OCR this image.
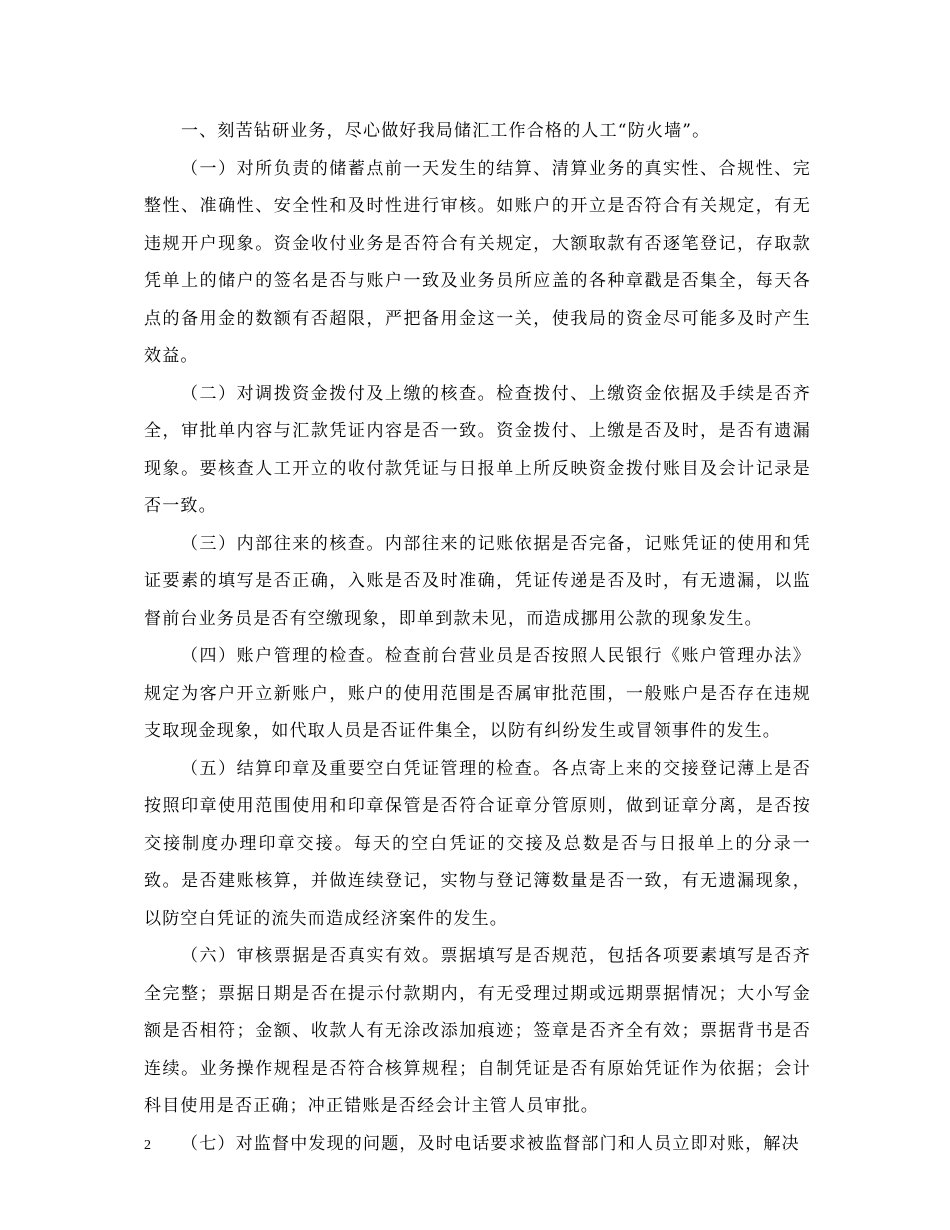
一、刻苦钻研业务，尽心做好我局储汇工作合格的人工“防火墙”。

（一）对所负责的储蓄点前一天发生的结算、清算业务的真实性、合规性、完整性、准确性、安全性和及时性进行审核。如账户的开立是否符合有关规定，有无违规开户现象。资金收付业务是否符合有关规定，大额取款有否逐笔登记，存取款凭单上的储户的签名是否与账户一致及业务员所应盖的各种章戳是否集全，每天各点的备用金的数额有否超限，严把备用金这一关，使我局的资金尽可能多及时产生效益。

（二）对调拨资金拨付及上缴的核查。检查拨付、上缴资金依据及手续是否齐全，审批单内容与汇款凭证内容是否一致。资金拨付、上缴是否及时，是否有遗漏现象。要核查人工开立的收付款凭证与日报单上所反映资金拨付账目及会计记录是否一致。

（三）内部往来的核查。内部往来的记账依据是否完备，记账凭证的使用和凭证要素的填写是否正确，入账是否及时准确，凭证传递是否及时，有无遗漏，以监督前台业务员是否有空缴现象，即单到款未见，而造成挪用公款的现象发生。

（四）账户管理的检查。检查前台营业员是否按照人民银行《账户管理办法》规定为客户开立新账户，账户的使用范围是否属审批范围，一般账户是否存在违规支取现金现象，如代取人员是否证件集全，以防有纠纷发生或冒领事件的发生。

（五）结算印章及重要空白凭证管理的检查。各点寄上来的交接登记薄上是否按照印章使用范围使用和印章保管是否符合证章分管原则，做到证章分离，是否按交接制度办理印章交接。每天的空白凭证的交接及总数是否与日报单上的分录一致。是否建账核算，并做连续登记，实物与登记簿数量是否一致，有无遗漏现象，以防空白凭证的流失而造成经济案件的发生。

（六）审核票据是否真实有效。票据填写是否规范，包括各项要素填写是否齐全完整；票据日期是否在提示付款期内，有无受理过期或远期票据情况；大小写金额是否相符；金额、收款人有无涂改添加痕迹；签章是否齐全有效；票据背书是否连续。业务操作规程是否符合核算规程；自制凭证是否有原始凭证作为依据；会计科目使用是否正确；冲正错账是否经会计主管人员审批。

（七）对监督中发现的问题，及时电话要求被监督部门和人员立即对账，解决

2
